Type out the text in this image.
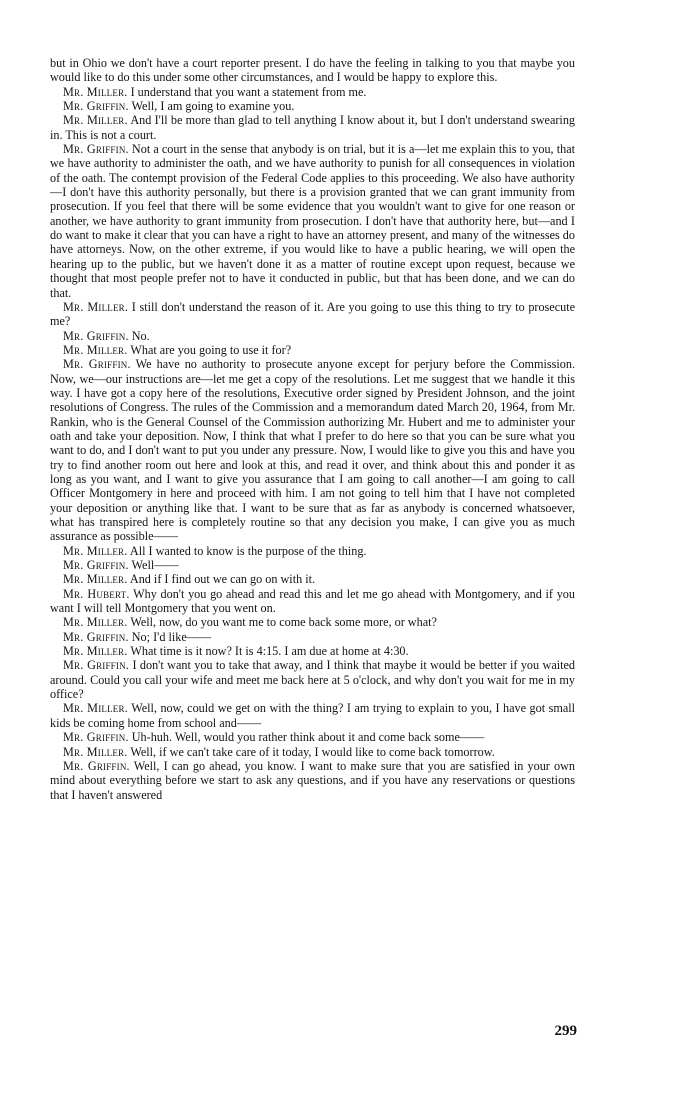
but in Ohio we don't have a court reporter present. I do have the feeling in talking to you that maybe you would like to do this under some other circumstances, and I would be happy to explore this.

Mr. Miller. I understand that you want a statement from me.

Mr. Griffin. Well, I am going to examine you.

Mr. Miller. And I'll be more than glad to tell anything I know about it, but I don't understand swearing in. This is not a court.

Mr. Griffin. Not a court in the sense that anybody is on trial, but it is a—let me explain this to you, that we have authority to administer the oath, and we have authority to punish for all consequences in violation of the oath. The contempt provision of the Federal Code applies to this proceeding. We also have authority—I don't have this authority personally, but there is a provision granted that we can grant immunity from prosecution. If you feel that there will be some evidence that you wouldn't want to give for one reason or another, we have authority to grant immunity from prosecution. I don't have that authority here, but—and I do want to make it clear that you can have a right to have an attorney present, and many of the witnesses do have attorneys. Now, on the other extreme, if you would like to have a public hearing, we will open the hearing up to the public, but we haven't done it as a matter of routine except upon request, because we thought that most people prefer not to have it conducted in public, but that has been done, and we can do that.

Mr. Miller. I still don't understand the reason of it. Are you going to use this thing to try to prosecute me?

Mr. Griffin. No.

Mr. Miller. What are you going to use it for?

Mr. Griffin. We have no authority to prosecute anyone except for perjury before the Commission. Now, we—our instructions are—let me get a copy of the resolutions. Let me suggest that we handle it this way. I have got a copy here of the resolutions, Executive order signed by President Johnson, and the joint resolutions of Congress. The rules of the Commission and a memorandum dated March 20, 1964, from Mr. Rankin, who is the General Counsel of the Commission authorizing Mr. Hubert and me to administer your oath and take your deposition. Now, I think that what I prefer to do here so that you can be sure what you want to do, and I don't want to put you under any pressure. Now, I would like to give you this and have you try to find another room out here and look at this, and read it over, and think about this and ponder it as long as you want, and I want to give you assurance that I am going to call another—I am going to call Officer Montgomery in here and proceed with him. I am not going to tell him that I have not completed your deposition or anything like that. I want to be sure that as far as anybody is concerned whatsoever, what has transpired here is completely routine so that any decision you make, I can give you as much assurance as possible——

Mr. Miller. All I wanted to know is the purpose of the thing.

Mr. Griffin. Well——

Mr. Miller. And if I find out we can go on with it.

Mr. Hubert. Why don't you go ahead and read this and let me go ahead with Montgomery, and if you want I will tell Montgomery that you went on.

Mr. Miller. Well, now, do you want me to come back some more, or what?

Mr. Griffin. No; I'd like——

Mr. Miller. What time is it now? It is 4:15. I am due at home at 4:30.

Mr. Griffin. I don't want you to take that away, and I think that maybe it would be better if you waited around. Could you call your wife and meet me back here at 5 o'clock, and why don't you wait for me in my office?

Mr. Miller. Well, now, could we get on with the thing? I am trying to explain to you, I have got small kids be coming home from school and——

Mr. Griffin. Uh-huh. Well, would you rather think about it and come back some——

Mr. Miller. Well, if we can't take care of it today, I would like to come back tomorrow.

Mr. Griffin. Well, I can go ahead, you know. I want to make sure that you are satisfied in your own mind about everything before we start to ask any questions, and if you have any reservations or questions that I haven't answered

299
